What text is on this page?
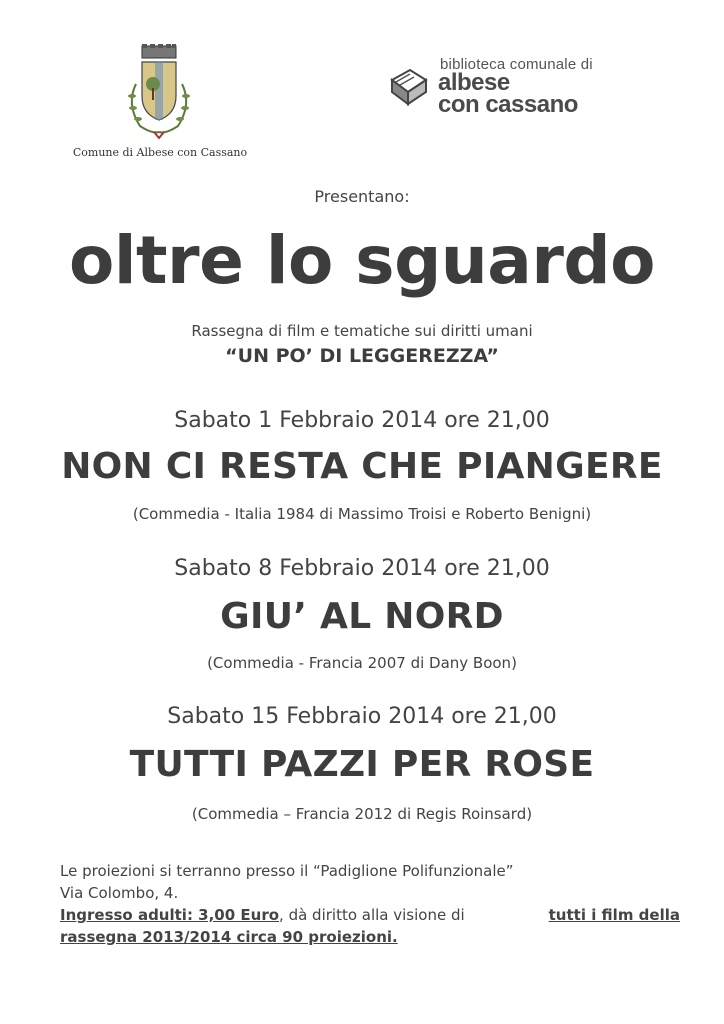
Comune di Albese con Cassano
biblioteca comunale di
albese
con cassano
Presentano:
oltre lo sguardo
Rassegna di film e tematiche sui diritti umani
“UN PO’ DI LEGGEREZZA”
Sabato 1 Febbraio 2014 ore 21,00
NON CI RESTA CHE PIANGERE
(Commedia - Italia 1984 di Massimo Troisi e Roberto Benigni)
Sabato 8 Febbraio 2014 ore 21,00
GIU’ AL NORD
(Commedia - Francia 2007 di Dany Boon)
Sabato 15 Febbraio 2014 ore 21,00
TUTTI PAZZI PER ROSE
(Commedia – Francia 2012 di Regis Roinsard)
Le proiezioni si terranno presso il “Padiglione Polifunzionale”
Via Colombo, 4.
Ingresso adulti: 3,00 Euro, dà diritto alla visione di	tutti i film della
rassegna 2013/2014 circa 90 proiezioni.
